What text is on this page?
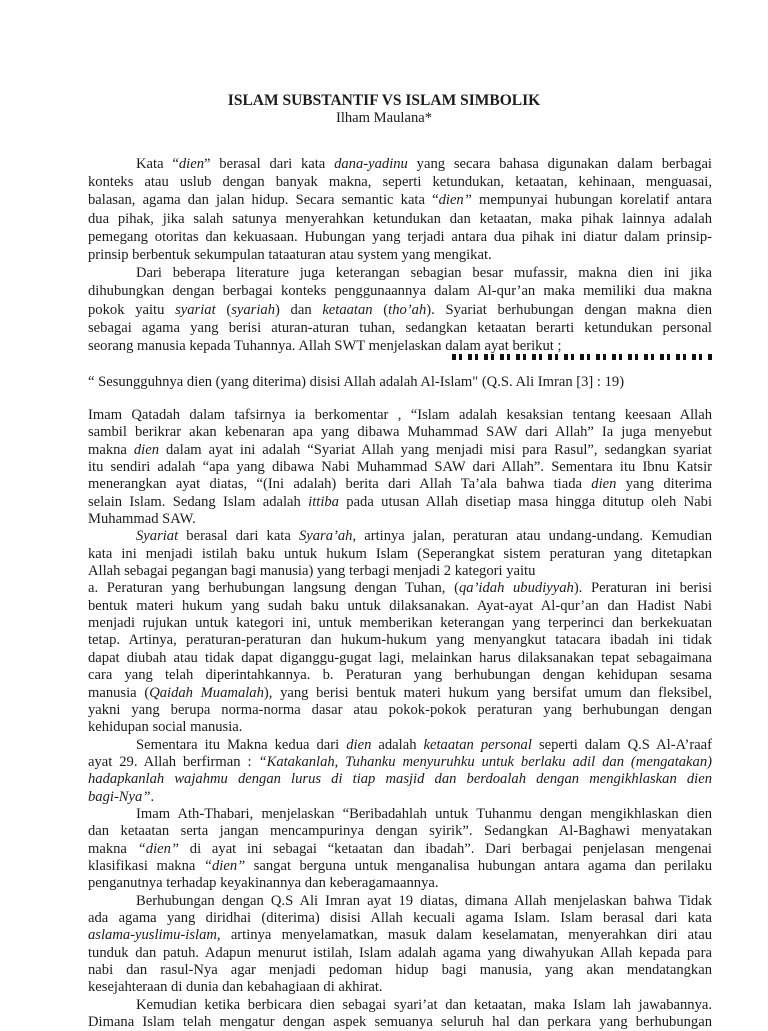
ISLAM SUBSTANTIF VS ISLAM SIMBOLIK
Ilham Maulana*
Kata “dien” berasal dari kata dana-yadinu yang secara bahasa digunakan dalam berbagai
konteks atau uslub dengan banyak makna, seperti ketundukan, ketaatan, kehinaan, menguasai,
balasan, agama dan jalan hidup. Secara semantic kata “dien” mempunyai hubungan korelatif antara
dua pihak, jika salah satunya menyerahkan ketundukan dan ketaatan, maka pihak lainnya adalah
pemegang otoritas dan kekuasaan. Hubungan yang terjadi antara dua pihak ini diatur dalam prinsip-
prinsip berbentuk sekumpulan tataaturan atau system yang mengikat.
Dari beberapa literature juga keterangan sebagian besar mufassir, makna dien ini jika
dihubungkan dengan berbagai konteks penggunaannya dalam Al-qur’an maka memiliki dua makna
pokok yaitu syariat (syariah) dan ketaatan (tho’ah). Syariat berhubungan dengan makna dien
sebagai agama yang berisi aturan-aturan tuhan, sedangkan ketaatan berarti ketundukan personal
seorang manusia kepada Tuhannya. Allah SWT menjelaskan dalam ayat berikut ;
“ Sesungguhnya dien (yang diterima) disisi Allah adalah Al-Islam" (Q.S. Ali Imran [3] : 19)
Imam Qatadah dalam tafsirnya ia berkomentar , “Islam adalah kesaksian tentang keesaan Allah
sambil berikrar akan kebenaran apa yang dibawa Muhammad SAW dari Allah” Ia juga menyebut
makna dien dalam ayat ini adalah “Syariat Allah yang menjadi misi para Rasul”, sedangkan syariat
itu sendiri adalah “apa yang dibawa Nabi Muhammad SAW dari Allah”. Sementara itu Ibnu Katsir
menerangkan ayat diatas, “(Ini adalah) berita dari Allah Ta’ala bahwa tiada dien yang diterima
selain Islam. Sedang Islam adalah ittiba pada utusan Allah disetiap masa hingga ditutup oleh Nabi
Muhammad SAW.
Syariat berasal dari kata Syara’ah, artinya jalan, peraturan atau undang-undang. Kemudian
kata ini menjadi istilah baku untuk hukum Islam (Seperangkat sistem peraturan yang ditetapkan
Allah sebagai pegangan bagi manusia) yang terbagi menjadi 2 kategori yaitu
a. Peraturan yang berhubungan langsung dengan Tuhan, (qa’idah ubudiyyah). Peraturan ini berisi
bentuk materi hukum yang sudah baku untuk dilaksanakan. Ayat-ayat Al-qur’an dan Hadist Nabi
menjadi rujukan untuk kategori ini, untuk memberikan keterangan yang terperinci dan berkekuatan
tetap. Artinya, peraturan-peraturan dan hukum-hukum yang menyangkut tatacara ibadah ini tidak
dapat diubah atau tidak dapat diganggu-gugat lagi, melainkan harus dilaksanakan tepat sebagaimana
cara yang telah diperintahkannya. b. Peraturan yang berhubungan dengan kehidupan sesama
manusia (Qaidah Muamalah), yang berisi bentuk materi hukum yang bersifat umum dan fleksibel,
yakni yang berupa norma-norma dasar atau pokok-pokok peraturan yang berhubungan dengan
kehidupan social manusia.
Sementara itu Makna kedua dari dien adalah ketaatan personal seperti dalam Q.S Al-A’raaf
ayat 29. Allah berfirman : “Katakanlah, Tuhanku menyuruhku untuk berlaku adil dan (mengatakan)
hadapkanlah wajahmu dengan lurus di tiap masjid dan berdoalah dengan mengikhlaskan dien
bagi-Nya”.
Imam Ath-Thabari, menjelaskan “Beribadahlah untuk Tuhanmu dengan mengikhlaskan dien
dan ketaatan serta jangan mencampurinya dengan syirik”. Sedangkan Al-Baghawi menyatakan
makna “dien” di ayat ini sebagai “ketaatan dan ibadah”. Dari berbagai penjelasan mengenai
klasifikasi makna “dien” sangat berguna untuk menganalisa hubungan antara agama dan perilaku
penganutnya terhadap keyakinannya dan keberagamaannya.
Berhubungan dengan Q.S Ali Imran ayat 19 diatas, dimana Allah menjelaskan bahwa Tidak
ada agama yang diridhai (diterima) disisi Allah kecuali agama Islam. Islam berasal dari kata
aslama-yuslimu-islam, artinya menyelamatkan, masuk dalam keselamatan, menyerahkan diri atau
tunduk dan patuh. Adapun menurut istilah, Islam adalah agama yang diwahyukan Allah kepada para
nabi dan rasul-Nya agar menjadi pedoman hidup bagi manusia, yang akan mendatangkan
kesejahteraan di dunia dan kebahagiaan di akhirat.
Kemudian ketika berbicara dien sebagai syari’at dan ketaatan, maka Islam lah jawabannya.
Dimana Islam telah mengatur dengan aspek semuanya seluruh hal dan perkara yang berhubungan
